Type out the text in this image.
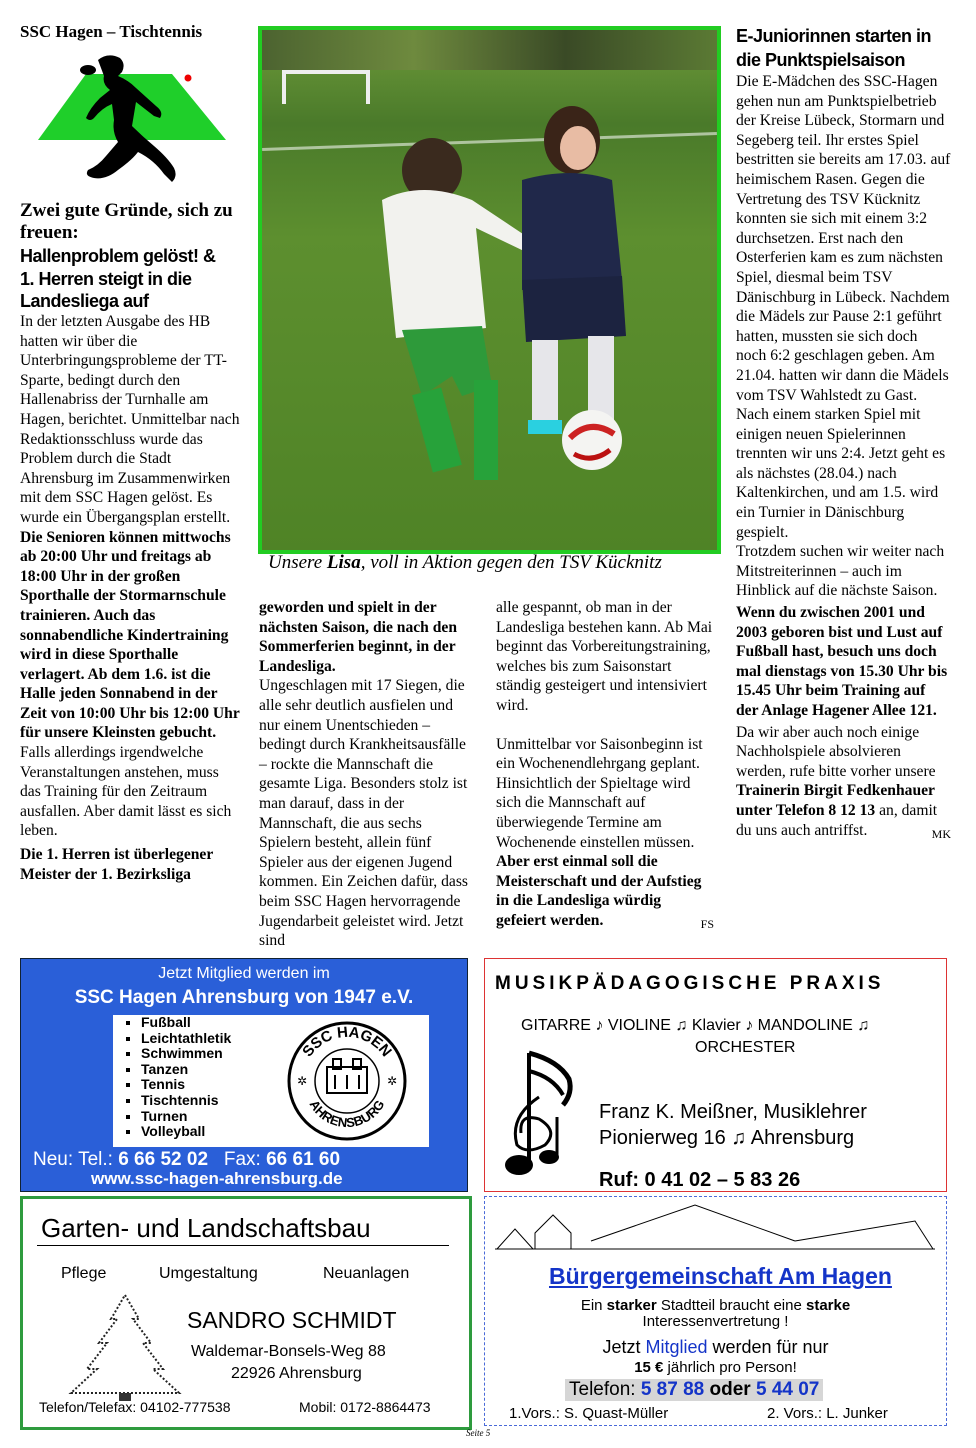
SSC Hagen – Tischtennis

Zwei gute Gründe, sich zu freuen:

Hallenproblem gelöst! &

1. Herren steigt in die Landesliega auf

In der letzten Ausgabe des HB hatten wir über die Unterbringungsprobleme der TT-Sparte, bedingt durch den Hallenabriss der Turnhalle am Hagen, berichtet. Unmittelbar nach Redaktionsschluss wurde das Problem durch die Stadt Ahrensburg im Zusammenwirken mit dem SSC Hagen gelöst. Es wurde ein Übergangsplan erstellt. Die Senioren können mittwochs ab 20:00 Uhr und freitags ab 18:00 Uhr in der großen Sporthalle der Stormarnschule trainieren. Auch das sonnabendliche Kindertraining wird in diese Sporthalle verlagert. Ab dem 1.6. ist die Halle jeden Sonnabend in der Zeit von 10:00 Uhr bis 12:00 Uhr für unsere Kleinsten gebucht. Falls allerdings irgendwelche Veranstaltungen anstehen, muss das Training für den Zeitraum ausfallen. Aber damit lässt es sich leben.

Die 1. Herren ist überlegener Meister der 1. Bezirksliga

Unsere Lisa, voll in Aktion gegen den TSV Kücknitz

geworden und spielt in der nächsten Saison, die nach den Sommerferien beginnt, in der Landesliga.

Ungeschlagen mit 17 Siegen, die alle sehr deutlich ausfielen und nur einem Unentschieden – bedingt durch Krankheitsausfälle – rockte die Mannschaft die gesamte Liga. Besonders stolz ist man darauf, dass in der Mannschaft, die aus sechs Spielern besteht, allein fünf Spieler aus der eigenen Jugend kommen. Ein Zeichen dafür, dass beim SSC Hagen hervorragende Jugendarbeit geleistet wird. Jetzt sind

alle gespannt, ob man in der Landesliga bestehen kann. Ab Mai beginnt das Vorbereitungstraining, welches bis zum Saisonstart ständig gesteigert und intensiviert wird.

Unmittelbar vor Saisonbeginn ist ein Wochenendlehrgang geplant. Hinsichtlich der Spieltage wird sich die Mannschaft auf überwiegende Termine am Wochenende einstellen müssen.

Aber erst einmal soll die Meisterschaft und der Aufstieg in die Landesliga würdig gefeiert werden.	FS

E-Juniorinnen starten in die Punktspielsaison

Die E-Mädchen des SSC-Hagen gehen nun am Punktspielbetrieb der Kreise Lübeck, Stormarn und Segeberg teil. Ihr erstes Spiel bestritten sie bereits am 17.03. auf heimischem Rasen. Gegen die Vertretung des TSV Kücknitz konnten sie sich mit einem 3:2 durchsetzen. Erst nach den Osterferien kam es zum nächsten Spiel, diesmal beim TSV Dänischburg in Lübeck. Nachdem die Mädels zur Pause 2:1 geführt hatten, mussten sie sich doch noch 6:2 geschlagen geben. Am 21.04. hatten wir dann die Mädels vom TSV Wahlstedt zu Gast. Nach einem starken Spiel mit einigen neuen Spielerinnen trennten wir uns 2:4. Jetzt geht es als nächstes (28.04.) nach Kaltenkirchen, und am 1.5. wird ein Turnier in Dänischburg gespielt.

Trotzdem suchen wir weiter nach Mitstreiterinnen – auch im Hinblick auf die nächste Saison.

Wenn du zwischen 2001 und 2003 geboren bist und Lust auf Fußball hast, besuch uns doch mal dienstags von 15.30 Uhr bis 15.45 Uhr beim Training auf der Anlage Hagener Allee 121.

Da wir aber auch noch einige Nachholspiele absolvieren werden, rufe bitte vorher unsere Trainerin Birgit Fedkenhauer unter Telefon 8 12 13 an, damit du uns auch antriffst.	MK

Jetzt Mitglied werden im
SSC Hagen Ahrensburg von 1947 e.V.
▪ Fußball
▪ Leichtathletik
▪ Schwimmen
▪ Tanzen
▪ Tennis
▪ Tischtennis
▪ Turnen
▪ Volleyball
SSC HAGEN
AHRENSBURG
✲	✲
Neu: Tel.: 6 66 52 02 Fax: 66 61 60
www.ssc-hagen-ahrensburg.de
MUSIKPÄDAGOGISCHE PRAXIS
GITARRE ♪ VIOLINE ♫ Klavier ♪ MANDOLINE ♫
ORCHESTER
Franz K. Meißner, Musiklehrer
Pionierweg 16 ♫ Ahrensburg
Ruf: 0 41 02 – 5 83 26
Garten- und Landschaftsbau
Pflege	Umgestaltung	Neuanlagen
SANDRO SCHMIDT
Waldemar-Bonsels-Weg 88
22926 Ahrensburg
Telefon/Telefax: 04102-777538	Mobil: 0172-8864473
Bürgergemeinschaft Am Hagen
Ein starker Stadtteil braucht eine starke
Interessenvertretung !
Jetzt Mitglied werden für nur
15 € jährlich pro Person!
Telefon: 5 87 88 oder 5 44 07
1.Vors.: S. Quast-Müller	2. Vors.: L. Junker
Seite 5
